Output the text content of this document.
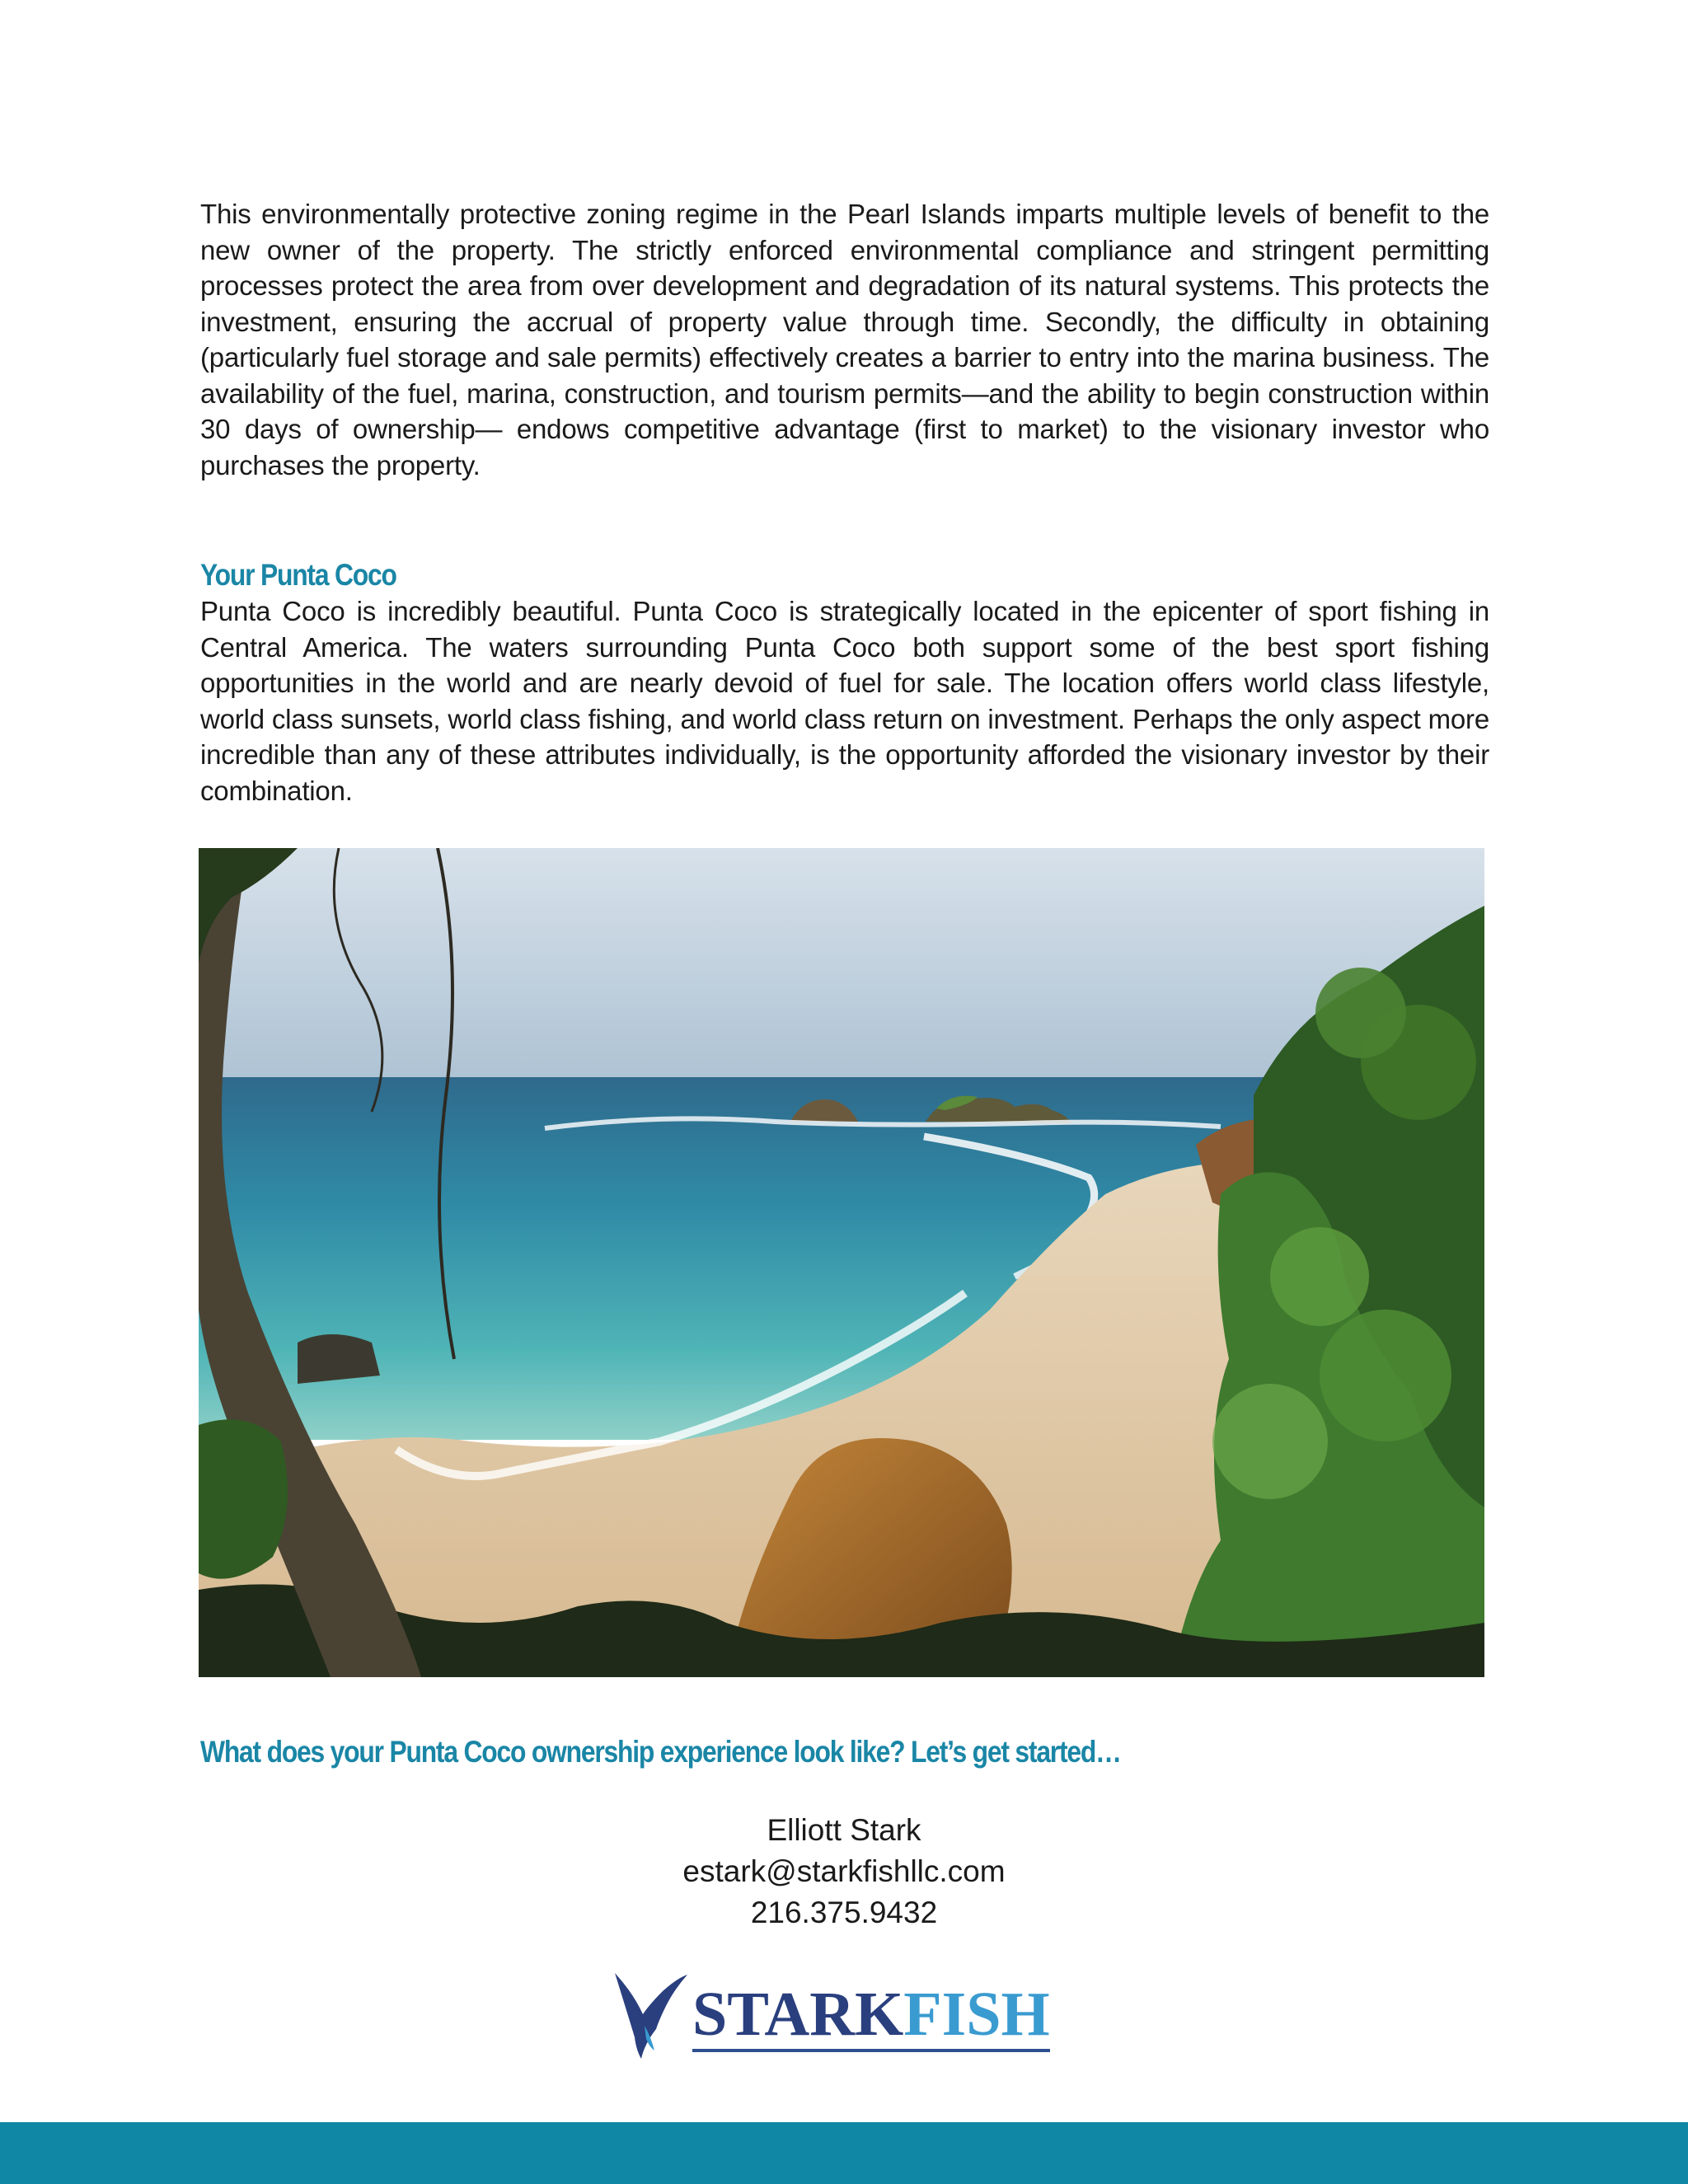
This environmentally protective zoning regime in the Pearl Islands imparts multiple levels of benefit to the new owner of the property. The strictly enforced environmental compliance and stringent permitting processes protect the area from over development and degradation of its natural systems. This protects the investment, ensuring the accrual of property value through time. Secondly, the difficulty in obtaining (particularly fuel storage and sale permits) effectively creates a barrier to entry into the marina business. The availability of the fuel, marina, construction, and tourism permits—and the ability to begin construction within 30 days of ownership— endows competitive advantage (first to market) to the visionary investor who purchases the property.

Your Punta Coco

Punta Coco is incredibly beautiful. Punta Coco is strategically located in the epicenter of sport fishing in Central America. The waters surrounding Punta Coco both support some of the best sport fishing opportunities in the world and are nearly devoid of fuel for sale. The location offers world class lifestyle, world class sunsets, world class fishing, and world class return on investment. Perhaps the only aspect more incredible than any of these attributes individually, is the opportunity afforded the visionary investor by their combination.

What does your Punta Coco ownership experience look like? Let’s get started…
Elliott Stark
estark@starkfishllc.com
216.375.9432
STARKFISH
